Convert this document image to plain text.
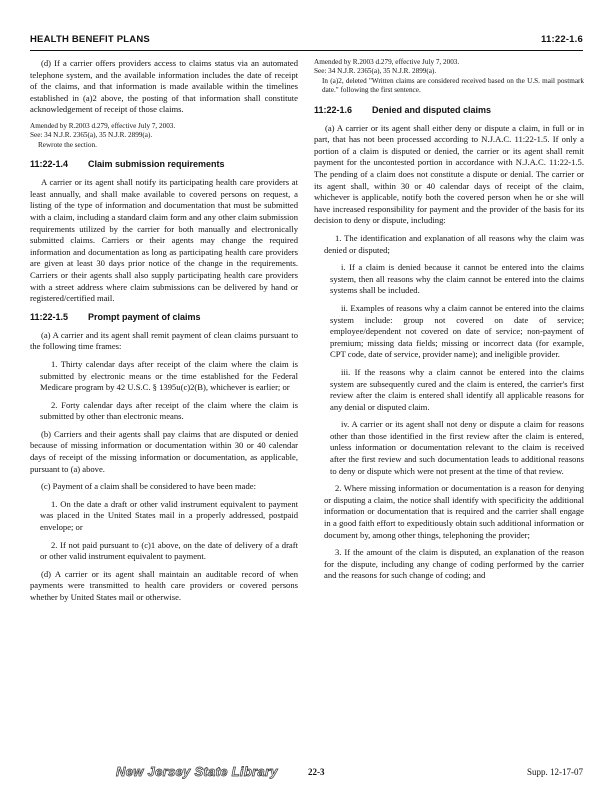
HEALTH BENEFIT PLANS	11:22-1.6

(d) If a carrier offers providers access to claims status via an automated telephone system, and the available information includes the date of receipt of the claims, and that information is made available within the timelines established in (a)2 above, the posting of that information shall constitute acknowledgement of receipt of those claims.

Amended by R.2003 d.279, effective July 7, 2003.
See: 34 N.J.R. 2365(a), 35 N.J.R. 2899(a).
Rewrote the section.
11:22-1.4 Claim submission requirements

A carrier or its agent shall notify its participating health care providers at least annually, and shall make available to covered persons on request, a listing of the type of information and documentation that must be submitted with a claim, including a standard claim form and any other claim submission requirements utilized by the carrier for both manually and electronically submitted claims. Carriers or their agents may change the required information and documentation as long as participating health care providers are given at least 30 days prior notice of the change in the requirements. Carriers or their agents shall also supply participating health care providers with a street address where claim submissions can be delivered by hand or registered/certified mail.

11:22-1.5 Prompt payment of claims

(a) A carrier and its agent shall remit payment of clean claims pursuant to the following time frames:

1. Thirty calendar days after receipt of the claim where the claim is submitted by electronic means or the time established for the Federal Medicare program by 42 U.S.C. § 1395u(c)2(B), whichever is earlier; or

2. Forty calendar days after receipt of the claim where the claim is submitted by other than electronic means.

(b) Carriers and their agents shall pay claims that are disputed or denied because of missing information or documentation within 30 or 40 calendar days of receipt of the missing information or documentation, as applicable, pursuant to (a) above.

(c) Payment of a claim shall be considered to have been made:

1. On the date a draft or other valid instrument equivalent to payment was placed in the United States mail in a properly addressed, postpaid envelope; or

2. If not paid pursuant to (c)1 above, on the date of delivery of a draft or other valid instrument equivalent to payment.

(d) A carrier or its agent shall maintain an auditable record of when payments were transmitted to health care providers or covered persons whether by United States mail or otherwise.

Amended by R.2003 d.279, effective July 7, 2003.
See: 34 N.J.R. 2365(a), 35 N.J.R. 2899(a).
In (a)2, deleted "Written claims are considered received based on the U.S. mail postmark date." following the first sentence.
11:22-1.6 Denied and disputed claims

(a) A carrier or its agent shall either deny or dispute a claim, in full or in part, that has not been processed according to N.J.A.C. 11:22-1.5. If only a portion of a claim is disputed or denied, the carrier or its agent shall remit payment for the uncontested portion in accordance with N.J.A.C. 11:22-1.5. The pending of a claim does not constitute a dispute or denial. The carrier or its agent shall, within 30 or 40 calendar days of receipt of the claim, whichever is applicable, notify both the covered person when he or she will have increased responsibility for payment and the provider of the basis for its decision to deny or dispute, including:

1. The identification and explanation of all reasons why the claim was denied or disputed;

i. If a claim is denied because it cannot be entered into the claims system, then all reasons why the claim cannot be entered into the claims systems shall be included.

ii. Examples of reasons why a claim cannot be entered into the claims system include: group not covered on date of service; employee/dependent not covered on date of service; non-payment of premium; missing data fields; missing or incorrect data (for example, CPT code, date of service, provider name); and ineligible provider.

iii. If the reasons why a claim cannot be entered into the claims system are subsequently cured and the claim is entered, the carrier's first review after the claim is entered shall identify all applicable reasons for any denial or disputed claim.

iv. A carrier or its agent shall not deny or dispute a claim for reasons other than those identified in the first review after the claim is entered, unless information or documentation relevant to the claim is received after the first review and such documentation leads to additional reasons to deny or dispute which were not present at the time of that review.

2. Where missing information or documentation is a reason for denying or disputing a claim, the notice shall identify with specificity the additional information or documentation that is required and the carrier shall engage in a good faith effort to expeditiously obtain such additional information or document by, among other things, telephoning the provider;

3. If the amount of the claim is disputed, an explanation of the reason for the dispute, including any change of coding performed by the carrier and the reasons for such change of coding; and

New Jersey State Library	22-3	Supp. 12-17-07
